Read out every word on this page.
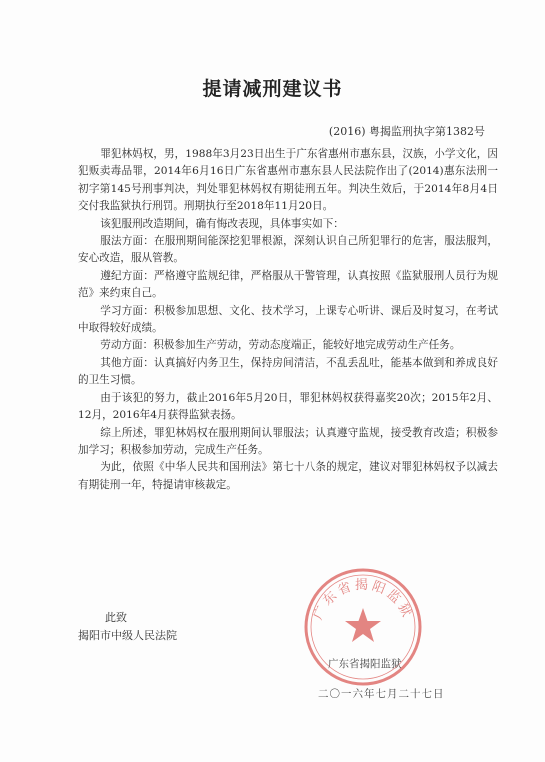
提请减刑建议书
(2016) 粤揭监刑执字第1382号

罪犯林妈权，男，1988年3月23日出生于广东省惠州市惠东县，汉族，小学文化，因犯贩卖毒品罪，2014年6月16日广东省惠州市惠东县人民法院作出了(2014)惠东法刑一初字第145号刑事判决，判处罪犯林妈权有期徒刑五年。判决生效后，于2014年8月4日交付我监狱执行刑罚。刑期执行至2018年11月20日。

该犯服刑改造期间，确有悔改表现，具体事实如下：

服法方面：在服刑期间能深挖犯罪根源，深刻认识自己所犯罪行的危害，服法服判，安心改造，服从管教。

遵纪方面：严格遵守监规纪律，严格服从干警管理，认真按照《监狱服刑人员行为规范》来约束自己。

学习方面：积极参加思想、文化、技术学习，上课专心听讲、课后及时复习，在考试中取得较好成绩。

劳动方面：积极参加生产劳动，劳动态度端正，能较好地完成劳动生产任务。

其他方面：认真搞好内务卫生，保持房间清洁，不乱丢乱吐，能基本做到和养成良好的卫生习惯。

由于该犯的努力，截止2016年5月20日，罪犯林妈权获得嘉奖20次；2015年2月、12月，2016年4月获得监狱表扬。

综上所述，罪犯林妈权在服刑期间认罪服法；认真遵守监规，接受教育改造；积极参加学习；积极参加劳动，完成生产任务。

为此，依照《中华人民共和国刑法》第七十八条的规定，建议对罪犯林妈权予以减去有期徒刑一年，特提请审核裁定。

此致
揭阳市中级人民法院
广东省揭阳监狱
广东省揭阳监狱
二〇一六年七月二十七日
